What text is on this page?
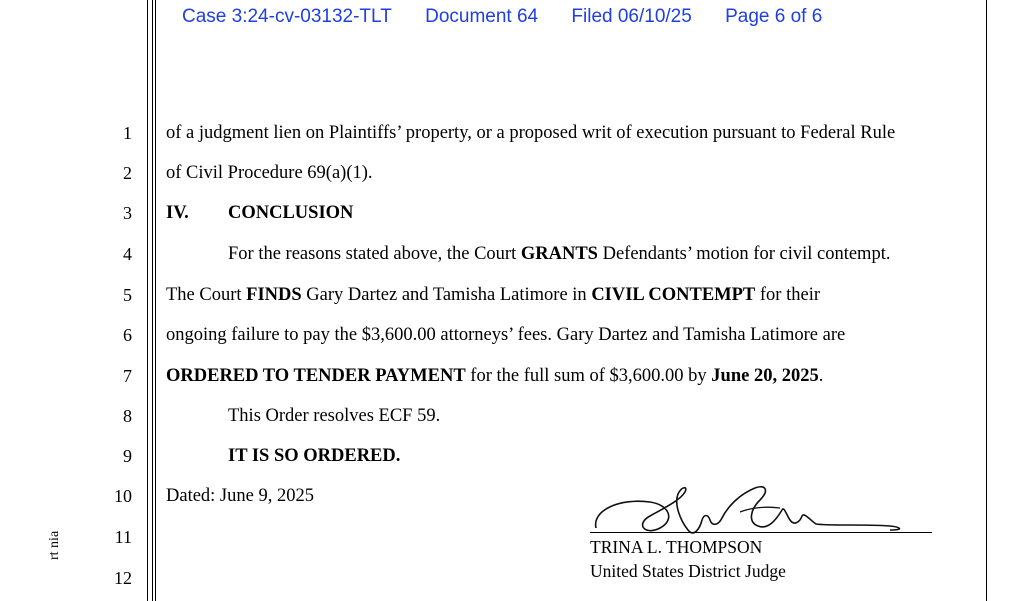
Case 3:24-cv-03132-TLT Document 64 Filed 06/10/25 Page 6 of 6
1
2
3
4
5
6
7
8
9
10
11
12
of a judgment lien on Plaintiffs’ property, or a proposed writ of execution pursuant to Federal Rule
of Civil Procedure 69(a)(1).
IV. CONCLUSION
For the reasons stated above, the Court GRANTS Defendants’ motion for civil contempt.
The Court FINDS Gary Dartez and Tamisha Latimore in CIVIL CONTEMPT for their
ongoing failure to pay the $3,600.00 attorneys’ fees. Gary Dartez and Tamisha Latimore are
ORDERED TO TENDER PAYMENT for the full sum of $3,600.00 by June 20, 2025.
This Order resolves ECF 59.
IT IS SO ORDERED.
Dated: June 9, 2025
TRINA L. THOMPSON
United States District Judge
rt nia
